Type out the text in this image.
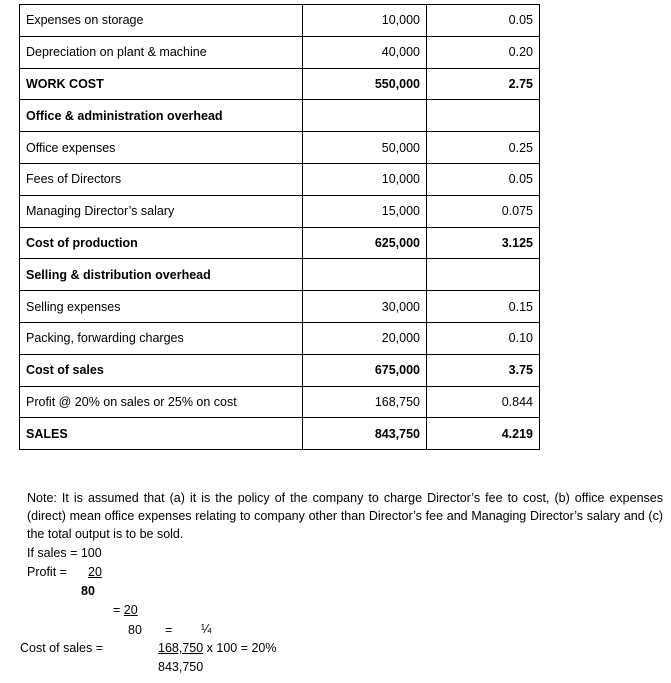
Expenses on storage	10,000	0.05
Depreciation on plant & machine	40,000	0.20
WORK COST	550,000	2.75
Office & administration overhead		
Office expenses	50,000	0.25
Fees of Directors	10,000	0.05
Managing Director’s salary	15,000	0.075
Cost of production	625,000	3.125
Selling & distribution overhead		
Selling expenses	30,000	0.15
Packing, forwarding charges	20,000	0.10
Cost of sales	675,000	3.75
Profit @ 20% on sales or 25% on cost	168,750	0.844
SALES	843,750	4.219
Note: It is assumed that (a) it is the policy of the company to charge Director’s fee to cost, (b) office expenses (direct) mean office expenses relating to company other than Director’s fee and Managing Director’s salary and (c) the total output is to be sold.
If sales = 100
Profit = 20
80
= 20
80 = ¼
Cost of sales =	168,750 x 100 = 20%
843,750
